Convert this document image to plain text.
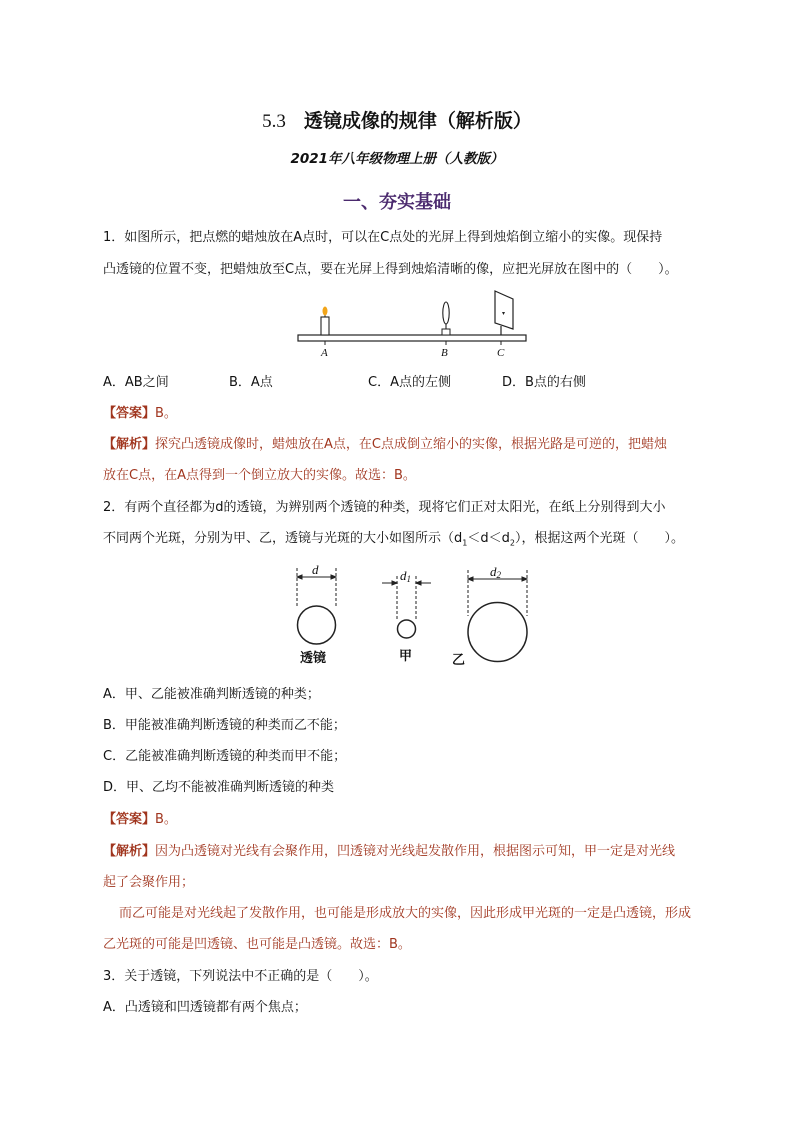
5.3 透镜成像的规律（解析版）
2021年八年级物理上册（人教版）
一、夯实基础
1．如图所示，把点燃的蜡烛放在A点时，可以在C点处的光屏上得到烛焰倒立缩小的实像。现保持
凸透镜的位置不变，把蜡烛放至C点，要在光屏上得到烛焰清晰的像，应把光屏放在图中的（　　）。
▾
A	B	C
A．AB之间	B．A点	C．A点的左侧	D．B点的右侧
【答案】B。
【解析】探究凸透镜成像时，蜡烛放在A点，在C点成倒立缩小的实像，根据光路是可逆的，把蜡烛
放在C点，在A点得到一个倒立放大的实像。故选：B。
2．有两个直径都为d的透镜，为辨别两个透镜的种类，现将它们正对太阳光，在纸上分别得到大小
不同两个光斑，分别为甲、乙，透镜与光斑的大小如图所示$(d_1<d<d_2)$，根据这两个光斑（　　）。
d	d1	d2
透镜	甲	乙
A．甲、乙能被准确判断透镜的种类；
B．甲能被准确判断透镜的种类而乙不能；
C．乙能被准确判断透镜的种类而甲不能；
D．甲、乙均不能被准确判断透镜的种类
【答案】B。
【解析】因为凸透镜对光线有会聚作用，凹透镜对光线起发散作用，根据图示可知，甲一定是对光线
起了会聚作用；
而乙可能是对光线起了发散作用，也可能是形成放大的实像，因此形成甲光斑的一定是凸透镜，形成
乙光斑的可能是凹透镜、也可能是凸透镜。故选：B。
3．关于透镜，下列说法中不正确的是（　　）。
A．凸透镜和凹透镜都有两个焦点；
